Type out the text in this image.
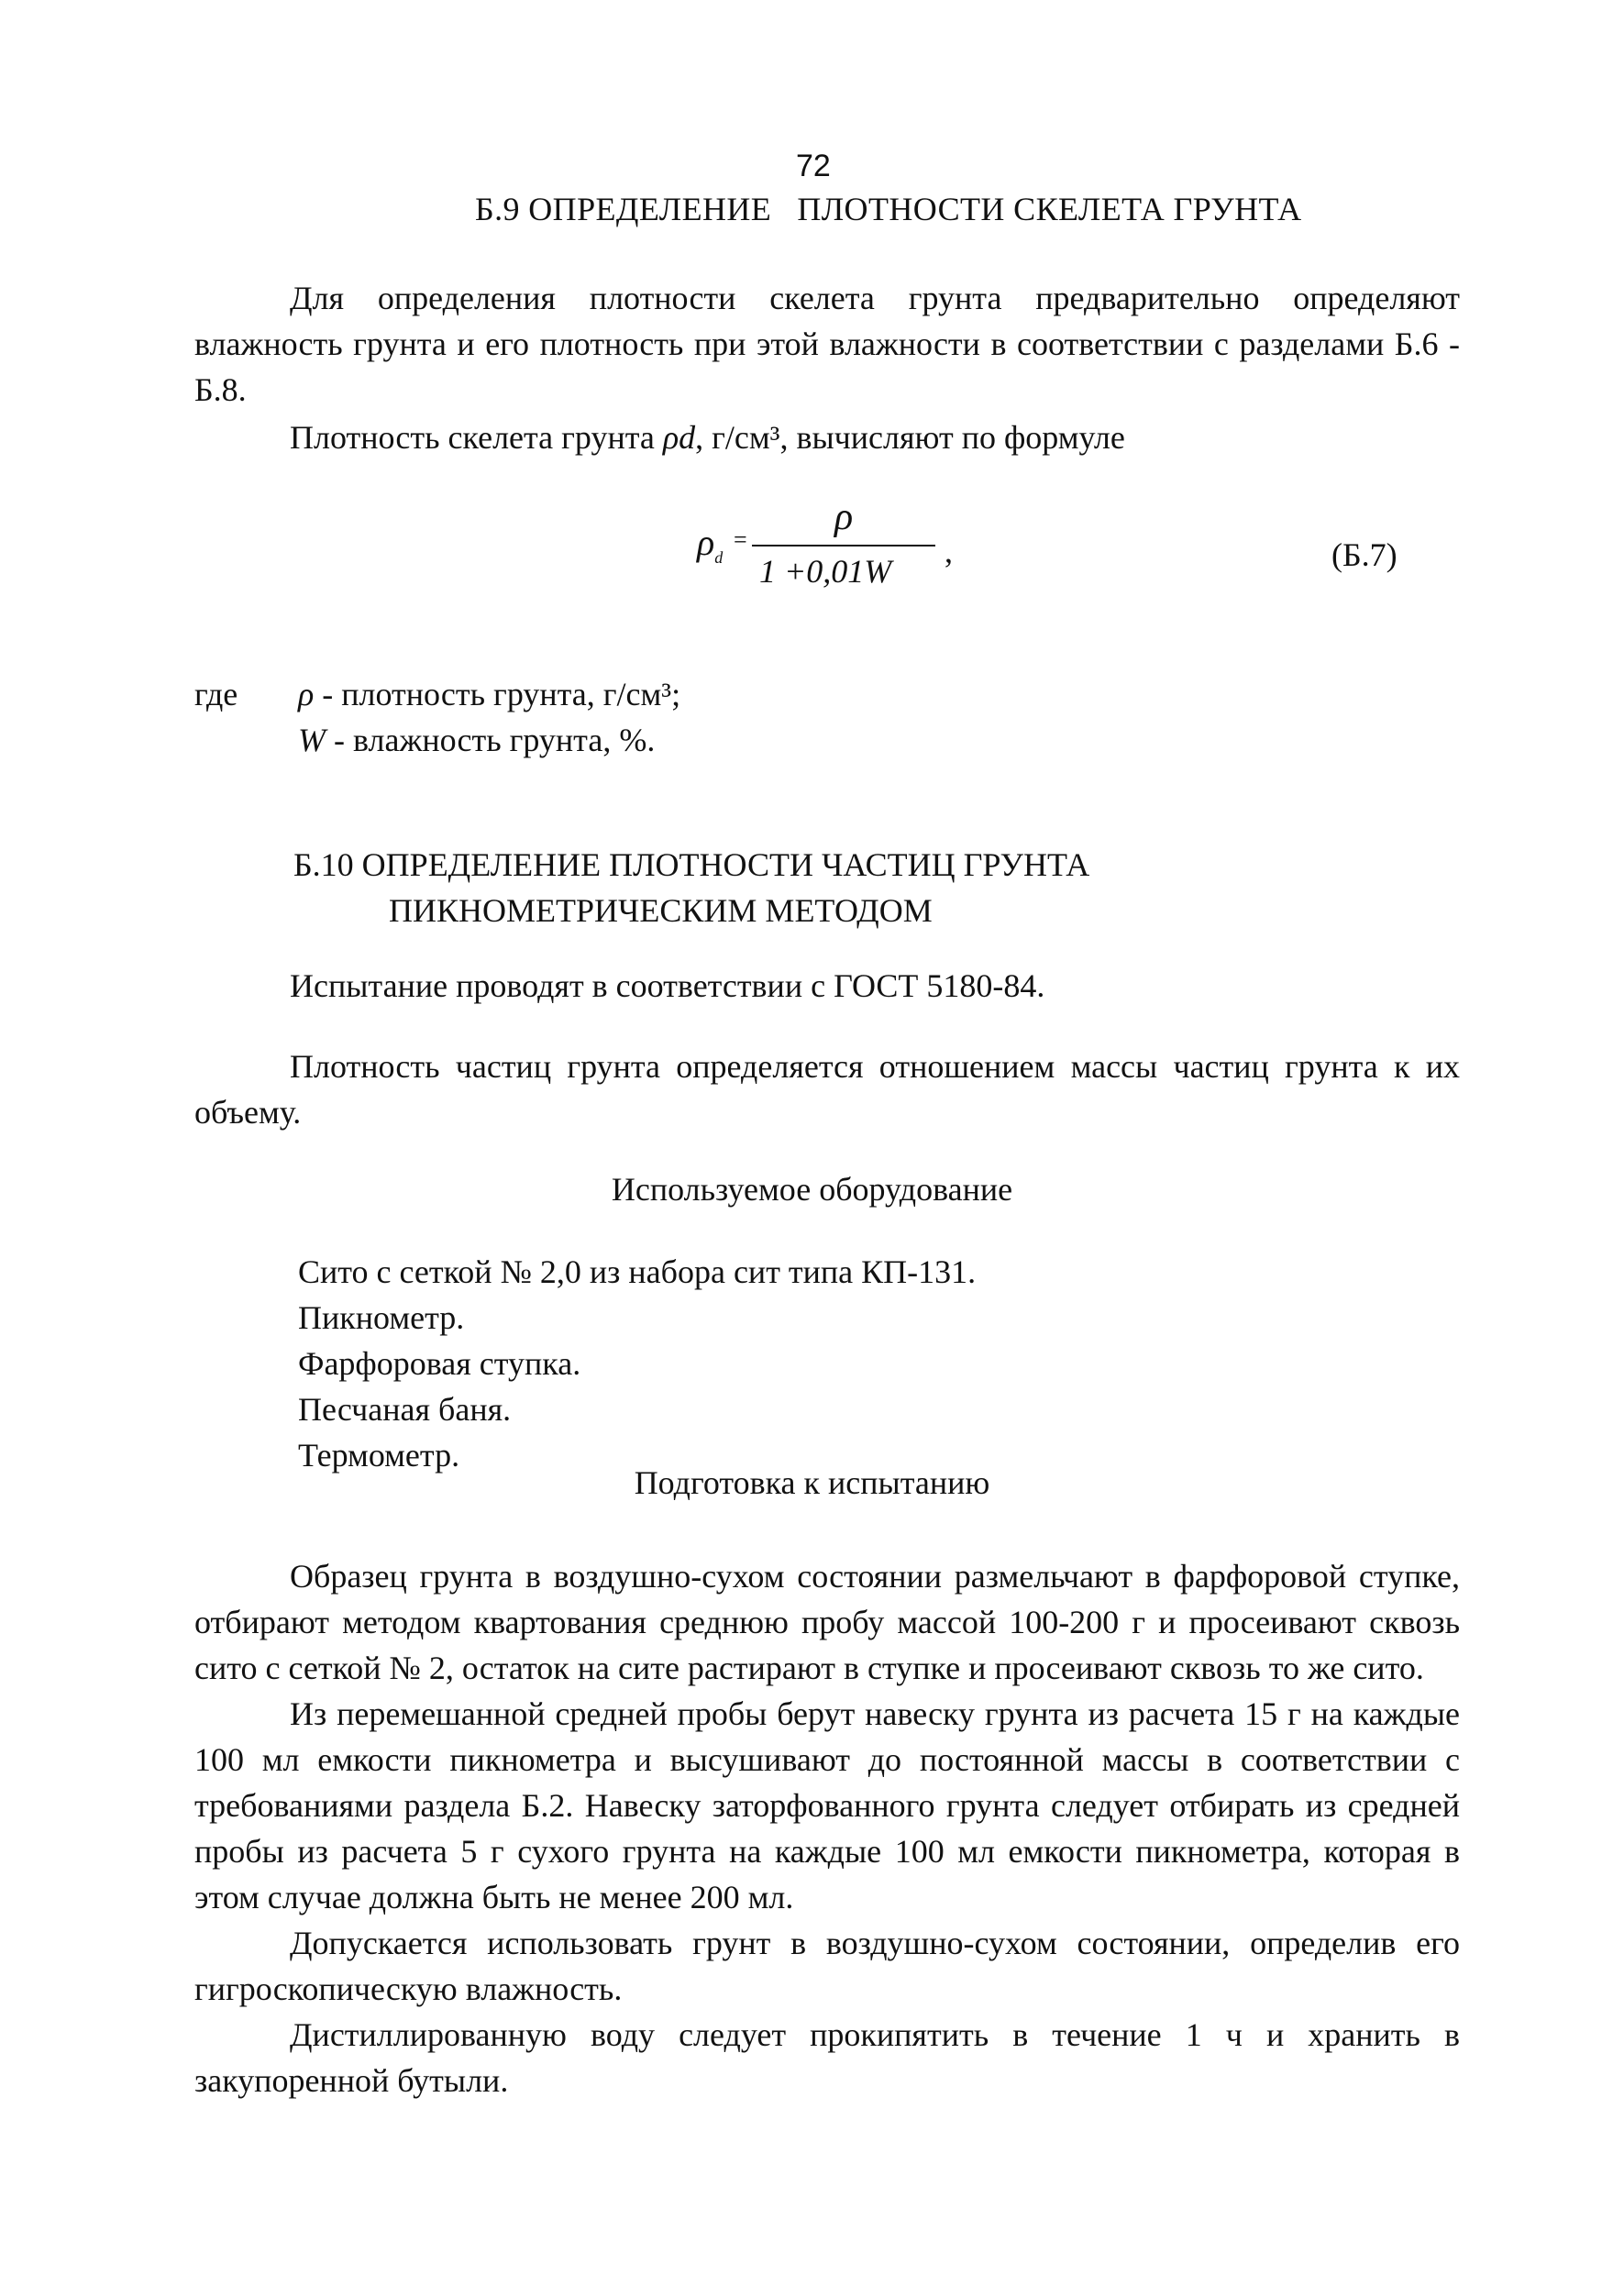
72
Б.9 ОПРЕДЕЛЕНИЕ   ПЛОТНОСТИ СКЕЛЕТА ГРУНТА

Для определения плотности скелета грунта предварительно определяют влажность грунта и его плотность при этой влажности в соответствии с разделами Б.6 - Б.8.

Плотность скелета грунта ρd, г/см³, вычисляют по формуле
$\rho_d$
=
ρ
1 +0,01W
,	(Б.7)
где ρ - плотность грунта, г/см³;
W - влажность грунта, %.
Б.10 ОПРЕДЕЛЕНИЕ ПЛОТНОСТИ ЧАСТИЦ ГРУНТА
ПИКНОМЕТРИЧЕСКИМ МЕТОДОМ
Испытание проводят в соответствии с ГОСТ 5180-84.

Плотность частиц грунта определяется отношением массы частиц грунта к их объему.

Используемое оборудование
Сито с сеткой № 2,0 из набора сит типа КП-131.
Пикнометр.
Фарфоровая ступка.
Песчаная баня.
Термометр.
Подготовка к испытанию

Образец грунта в воздушно-сухом состоянии размельчают в фарфоровой ступке, отбирают методом квартования среднюю пробу массой 100-200 г и просеивают сквозь сито с сеткой № 2, остаток на сите растирают в ступке и просеивают сквозь то же сито.

Из перемешанной средней пробы берут навеску грунта из расчета 15 г на каждые 100 мл емкости пикнометра и высушивают до постоянной массы в соответствии с требованиями раздела Б.2. Навеску заторфованного грунта следует отбирать из средней пробы из расчета 5 г сухого грунта на каждые 100 мл емкости пикнометра, которая в этом случае должна быть не менее 200 мл.

Допускается использовать грунт в воздушно-сухом состоянии, определив его гигроскопическую влажность.

Дистиллированную воду следует прокипятить в течение 1 ч и хранить в закупоренной бутыли.
